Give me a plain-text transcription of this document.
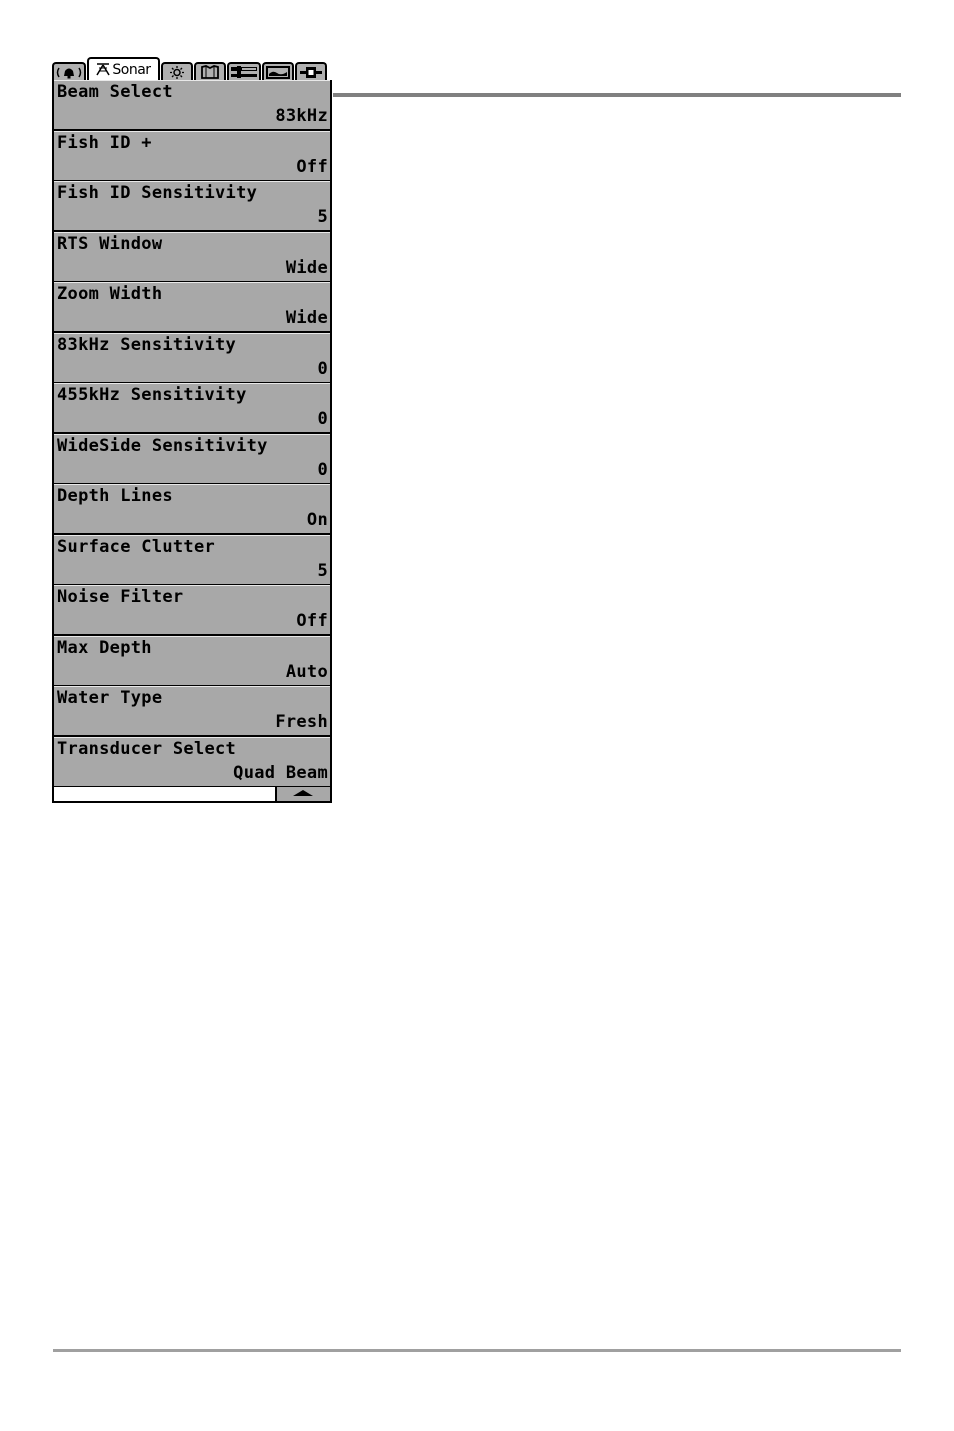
Sonar
Beam Select
83kHz
Fish ID +
Off
Fish ID Sensitivity
5
RTS Window
Wide
Zoom Width
Wide
83kHz Sensitivity
0
455kHz Sensitivity
0
WideSide Sensitivity
0
Depth Lines
On
Surface Clutter
5
Noise Filter
Off
Max Depth
Auto
Water Type
Fresh
Transducer Select
Quad Beam
